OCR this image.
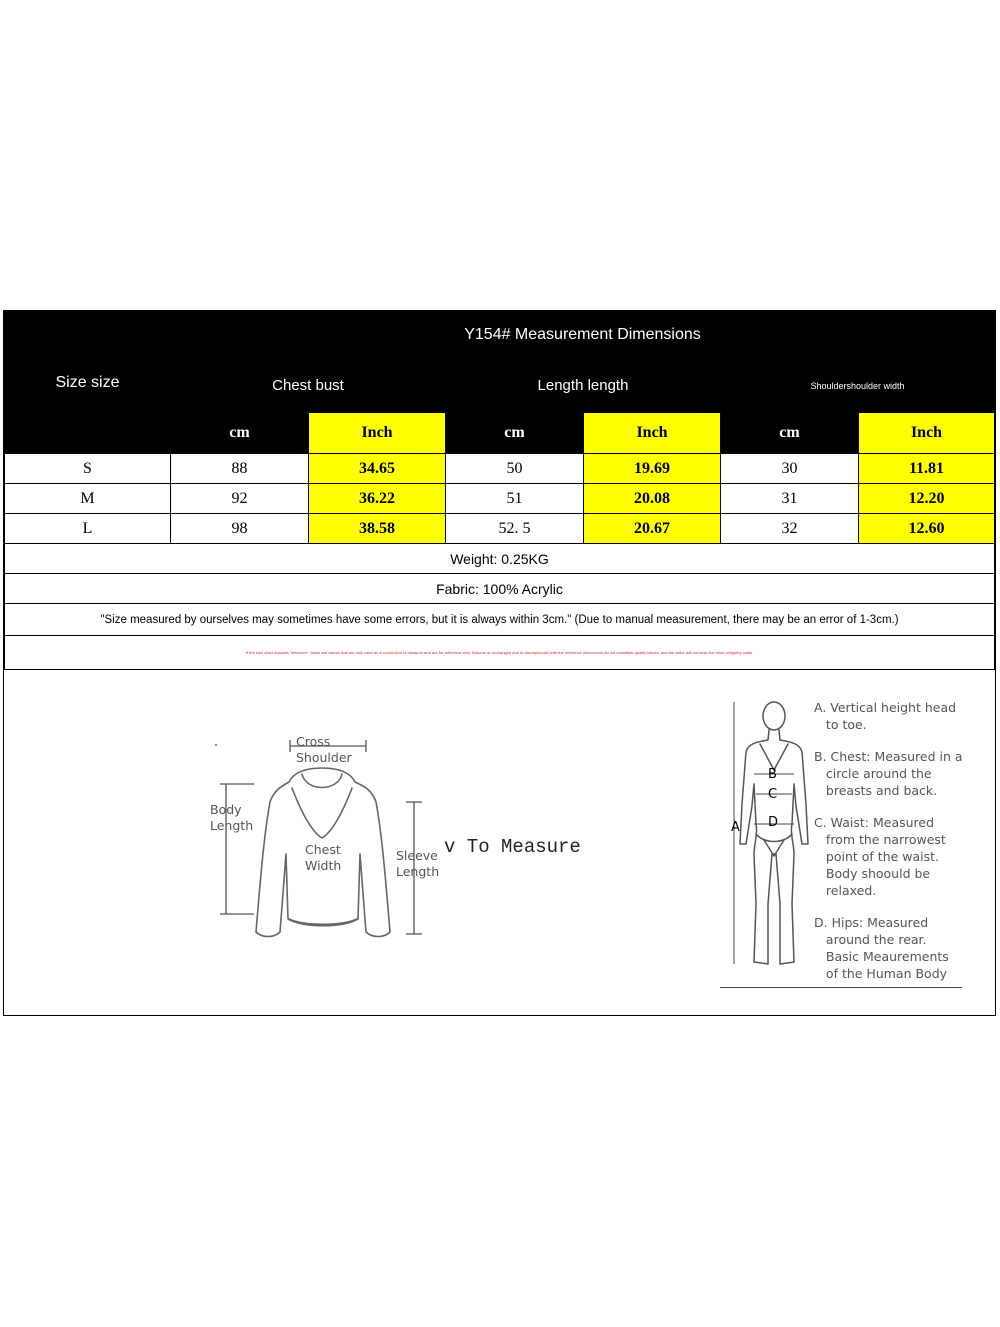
Size size	Y154# Measurement Dimensions					
	Chest bust		Length length		Shouldershoulder width	
	cm	Inch	cm	Inch	cm	Inch
S	88	34.65	50	19.69	30	11.81
M	92	36.22	51	20.08	31	12.20
L	98	38.58	52. 5	20.67	32	12.60
Weight: 0.25KG						
Fabric: 100% Acrylic						
"Size measured by ourselves may sometimes have some errors, but it is always within 3cm." (Due to manual measurement, there may be an error of 1-3cm.)						
If the size chart includes 'reference', these are values that are only used as a convenient to measure and are for reference only. Returns or exchanges due to discrepancies with the reference dimensions do not constitute quality issues, and the seller will not bear the return shipping costs.						
Cross
Shoulder
Body
Length
Chest
Width
Sleeve
Length
v To Measure
B
C
D
A

A. Vertical height head
to toe.

B. Chest: Measured in a
circle around the
breasts and back.

C. Waist: Measured
from the narrowest
point of the waist.
Body shoould be
relaxed.

D. Hips: Measured
around the rear.
Basic Meaurements
of the Human Body
